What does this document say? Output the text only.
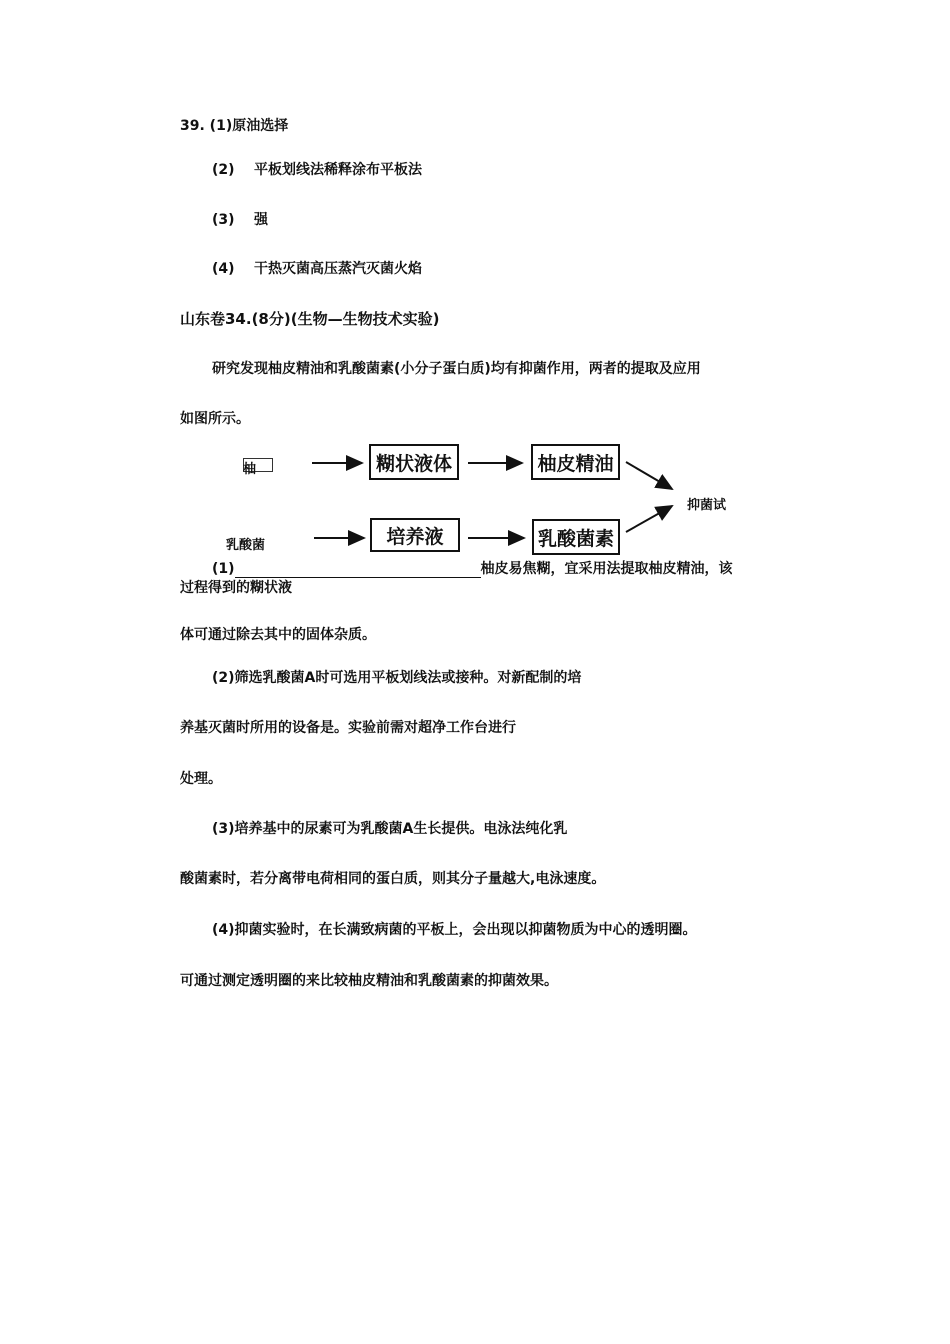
39. (1)原油选择
(2) 平板划线法稀释涂布平板法
(3) 强
(4) 干热灭菌高压蒸汽灭菌火焰
山东卷34.(8分)(生物—生物技术实验)
研究发现柚皮精油和乳酸菌素(小分子蛋白质)均有抑菌作用，两者的提取及应用
如图所示。
柚
乳酸菌
糊状液体	柚皮精油
培养液	乳酸菌素
抑菌试
(1)	柚皮易焦糊，宜采用法提取柚皮精油，该
过程得到的糊状液
体可通过除去其中的固体杂质。
(2)筛选乳酸菌A时可选用平板划线法或接种。对新配制的培
养基灭菌时所用的设备是。实验前需对超净工作台进行
处理。
(3)培养基中的尿素可为乳酸菌A生长提供。电泳法纯化乳
酸菌素时，若分离带电荷相同的蛋白质，则其分子量越大,电泳速度。
(4)抑菌实验时，在长满致病菌的平板上，会出现以抑菌物质为中心的透明圈。
可通过测定透明圈的来比较柚皮精油和乳酸菌素的抑菌效果。
